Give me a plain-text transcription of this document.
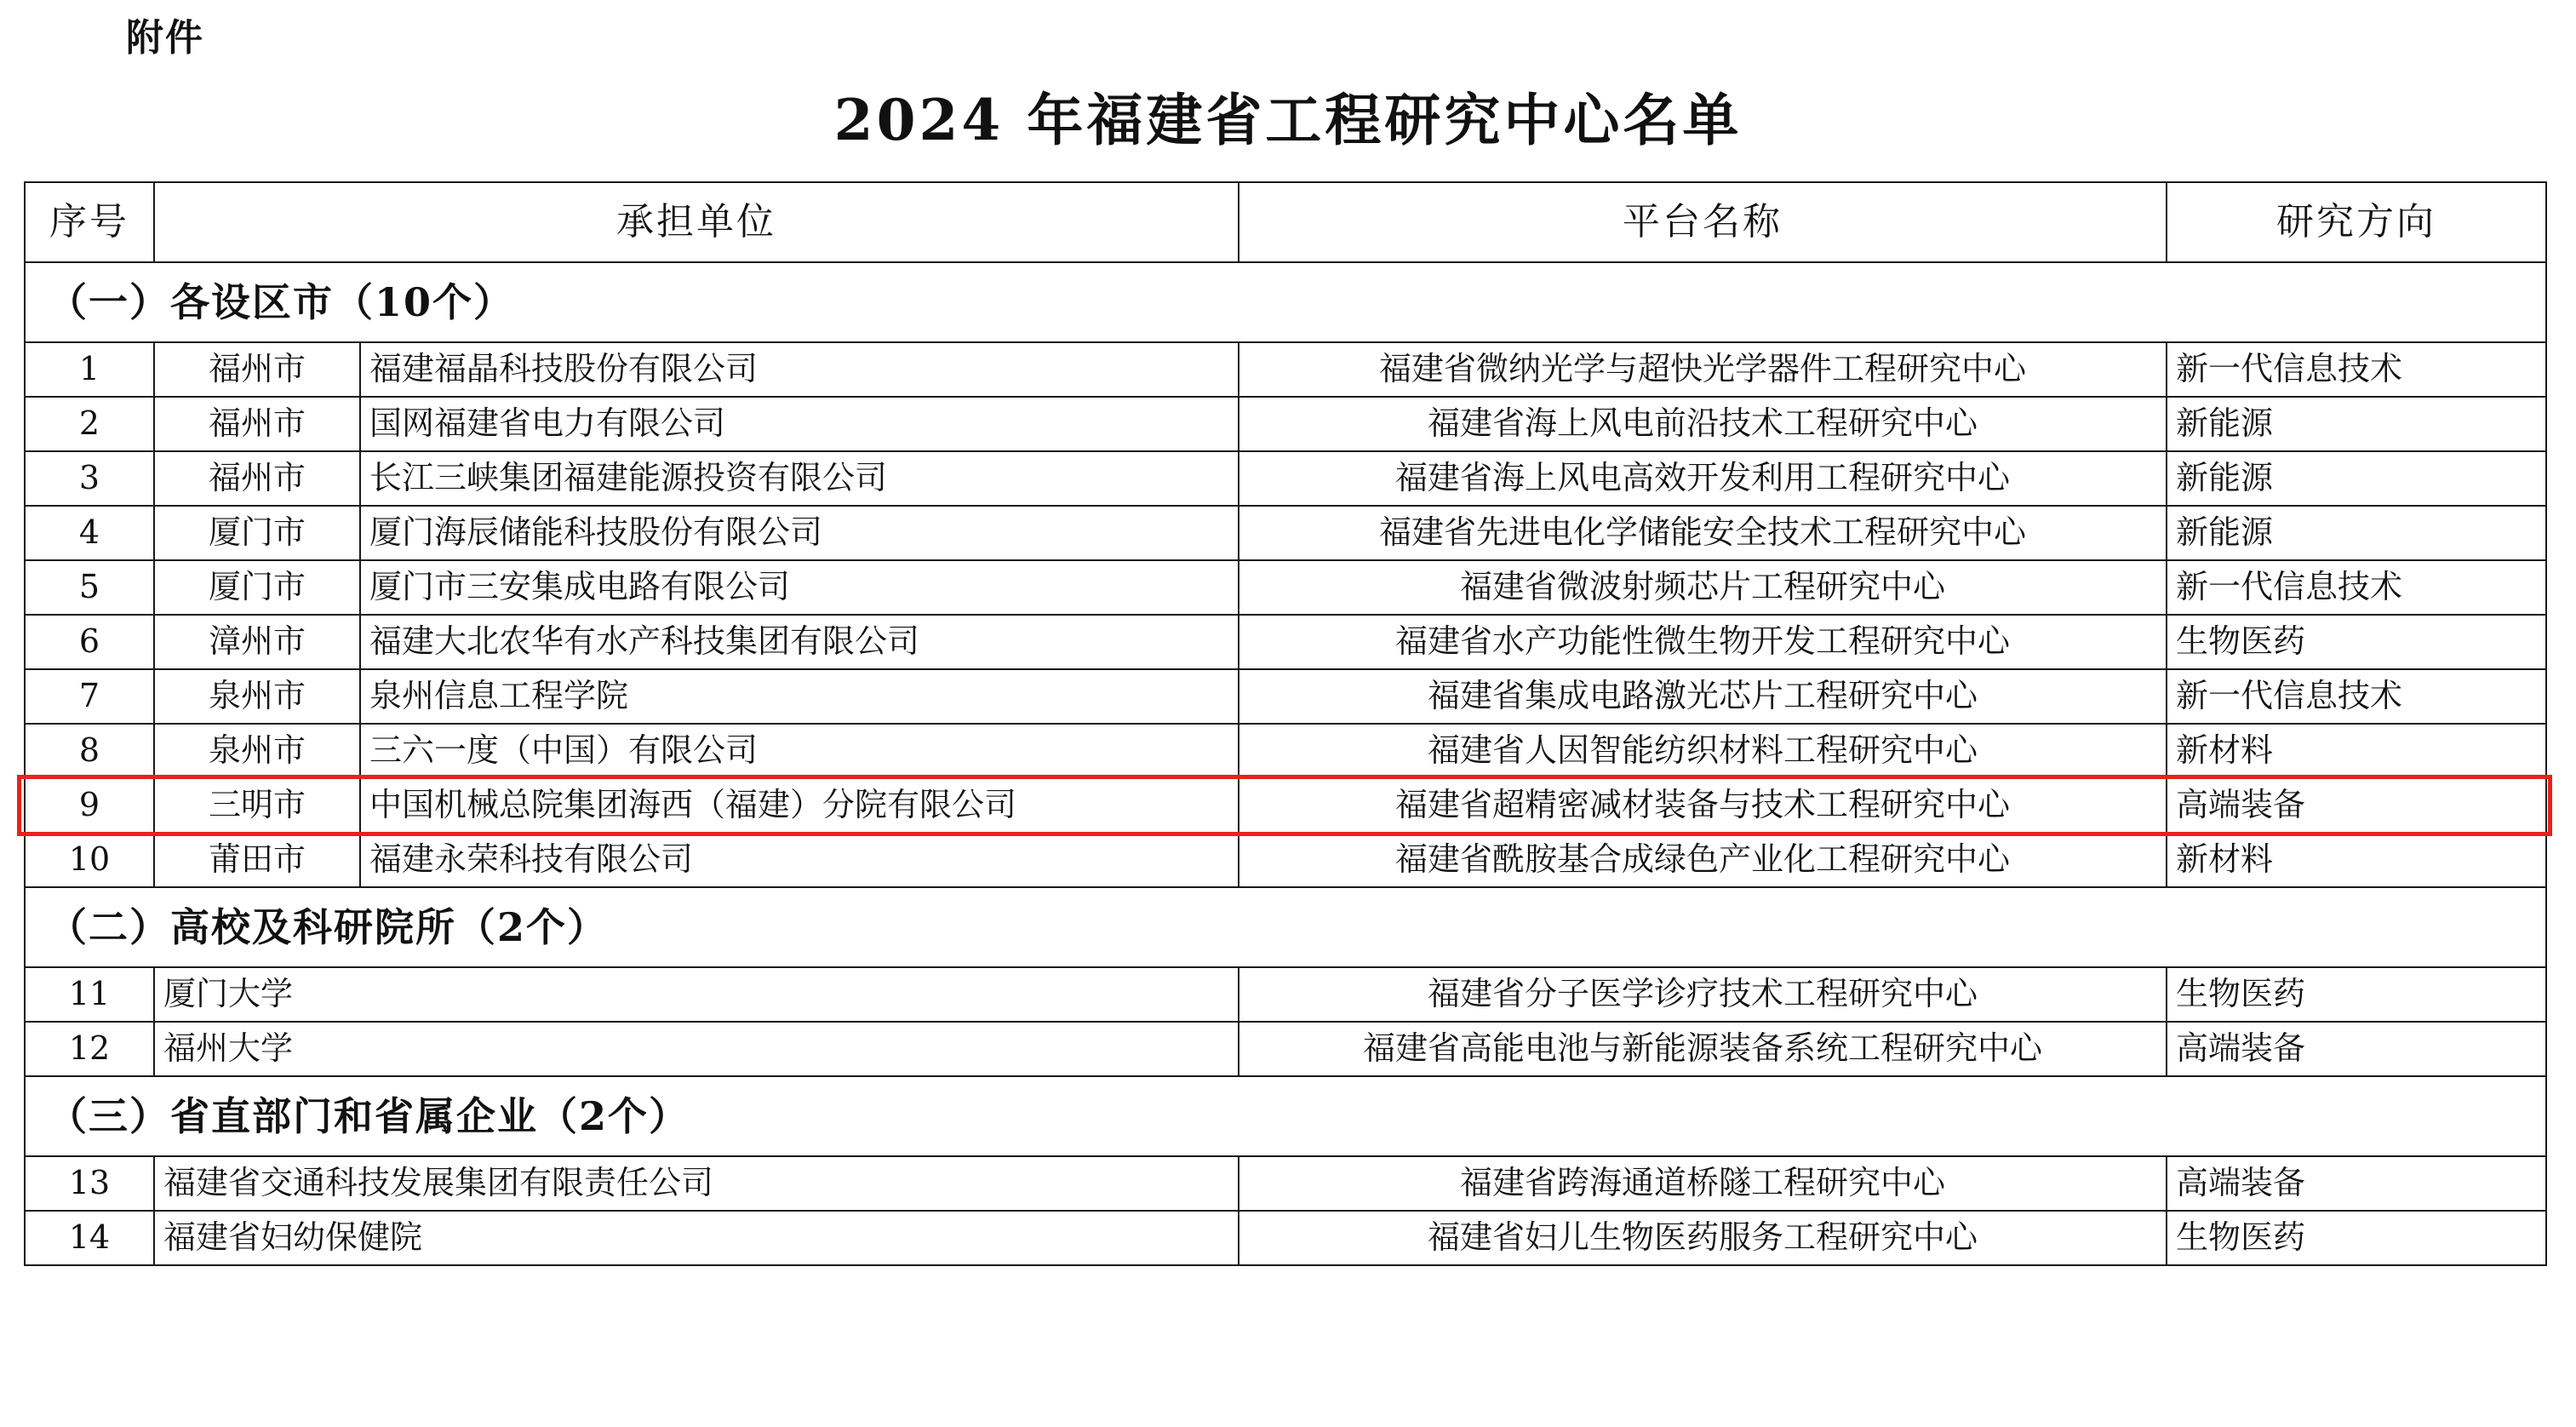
附件
2024 年福建省工程研究中心名单
序号	承担单位		平台名称	研究方向
（一）各设区市（10个）				
1	福州市	福建福晶科技股份有限公司	福建省微纳光学与超快光学器件工程研究中心	新一代信息技术
2	福州市	国网福建省电力有限公司	福建省海上风电前沿技术工程研究中心	新能源
3	福州市	长江三峡集团福建能源投资有限公司	福建省海上风电高效开发利用工程研究中心	新能源
4	厦门市	厦门海辰储能科技股份有限公司	福建省先进电化学储能安全技术工程研究中心	新能源
5	厦门市	厦门市三安集成电路有限公司	福建省微波射频芯片工程研究中心	新一代信息技术
6	漳州市	福建大北农华有水产科技集团有限公司	福建省水产功能性微生物开发工程研究中心	生物医药
7	泉州市	泉州信息工程学院	福建省集成电路激光芯片工程研究中心	新一代信息技术
8	泉州市	三六一度（中国）有限公司	福建省人因智能纺织材料工程研究中心	新材料
9	三明市	中国机械总院集团海西（福建）分院有限公司	福建省超精密减材装备与技术工程研究中心	高端装备
10	莆田市	福建永荣科技有限公司	福建省酰胺基合成绿色产业化工程研究中心	新材料
（二）高校及科研院所（2个）				
11	厦门大学		福建省分子医学诊疗技术工程研究中心	生物医药
12	福州大学		福建省高能电池与新能源装备系统工程研究中心	高端装备
（三）省直部门和省属企业（2个）				
13	福建省交通科技发展集团有限责任公司		福建省跨海通道桥隧工程研究中心	高端装备
14	福建省妇幼保健院		福建省妇儿生物医药服务工程研究中心	生物医药
